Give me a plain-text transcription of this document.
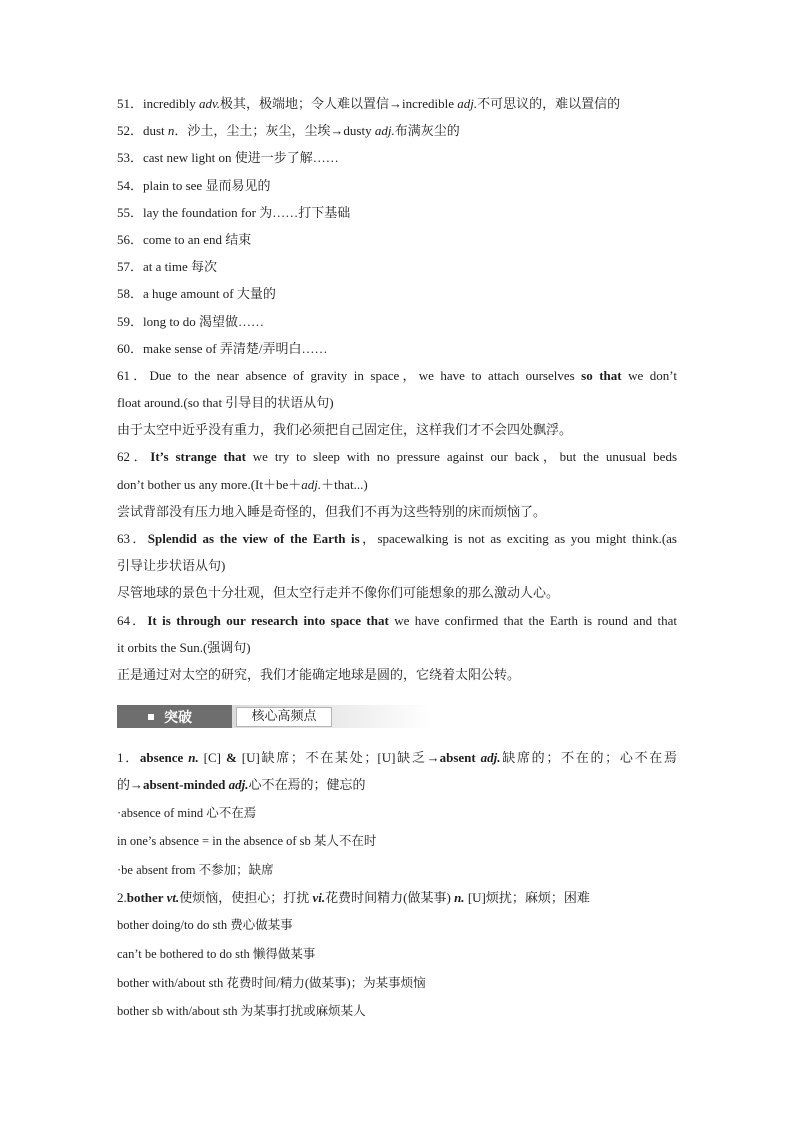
51．incredibly adv.极其，极端地；令人难以置信→incredible adj.不可思议的，难以置信的
52．dust n．沙土，尘土；灰尘，尘埃→dusty adj.布满灰尘的
53．cast new light on 使进一步了解……
54．plain to see 显而易见的
55．lay the foundation for 为……打下基础
56．come to an end 结束
57．at a time 每次
58．a huge amount of 大量的
59．long to do 渴望做……
60．make sense of 弄清楚/弄明白……
61．Due to the near absence of gravity in space，we have to attach ourselves so that we don’t
float around.(so that 引导目的状语从句)
由于太空中近乎没有重力，我们必须把自己固定住，这样我们才不会四处飘浮。
62．It’s strange that we try to sleep with no pressure against our back，but the unusual beds
don’t bother us any more.(It＋be＋adj.＋that...)
尝试背部没有压力地入睡是奇怪的，但我们不再为这些特别的床而烦恼了。
63．Splendid as the view of the Earth is，spacewalking is not as exciting as you might think.(as
引导让步状语从句)
尽管地球的景色十分壮观，但太空行走并不像你们可能想象的那么激动人心。
64．It is through our research into space that we have confirmed that the Earth is round and that
it orbits the Sun.(强调句)
正是通过对太空的研究，我们才能确定地球是圆的，它绕着太阳公转。
突破	核心高频点
1．absence n. [C] & [U]缺席；不在某处；[U]缺乏→absent adj.缺席的；不在的；心不在焉
的→absent-minded adj.心不在焉的；健忘的
·absence of mind 心不在焉
in one’s absence = in the absence of sb 某人不在时
·be absent from 不参加；缺席
2.bother vt.使烦恼，使担心；打扰 vi.花费时间精力(做某事) n. [U]烦扰；麻烦；困难
bother doing/to do sth 费心做某事
can’t be bothered to do sth 懒得做某事
bother with/about sth 花费时间/精力(做某事)；为某事烦恼
bother sb with/about sth 为某事打扰或麻烦某人
